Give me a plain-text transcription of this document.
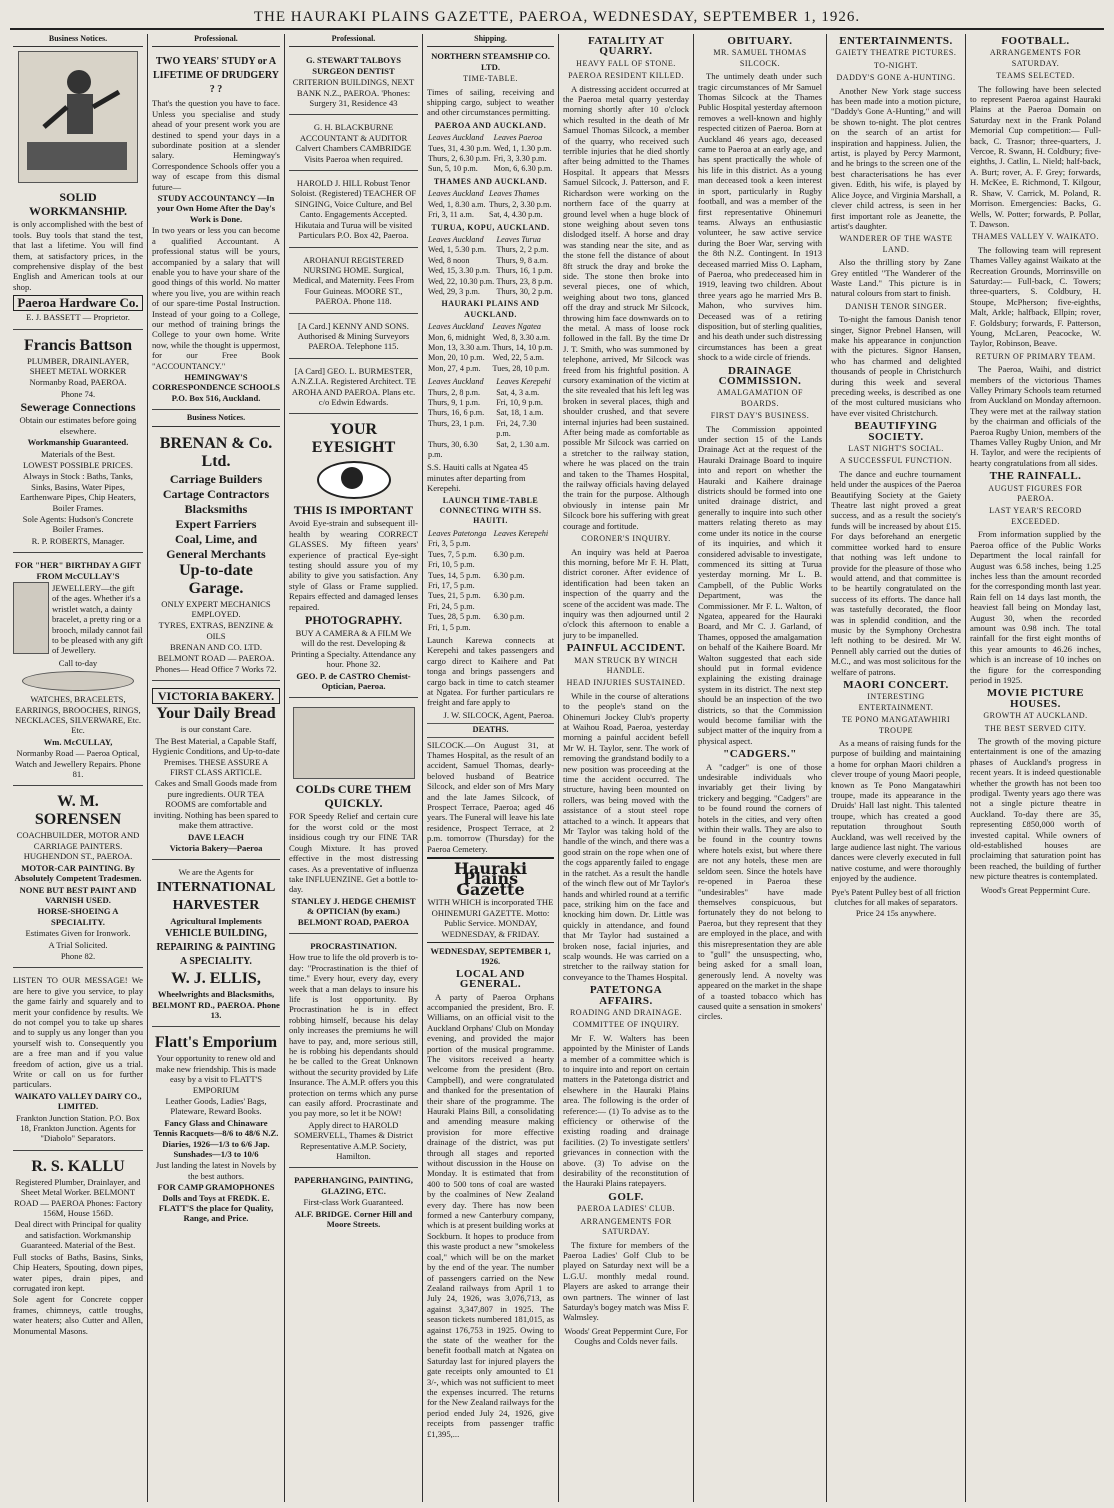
THE HAURAKI PLAINS GAZETTE, PAEROA, WEDNESDAY, SEPTEMBER 1, 1926.
Business Notices.

SOLID WORKMANSHIP.

is only accomplished with the best of tools. Buy tools that stand the test, that last a lifetime. You will find them, at satisfactory prices, in the comprehensive display of the best English and American tools at our shop.

Paeroa Hardware Co.

E. J. BASSETT — Proprietor.

Francis Battson

PLUMBER, DRAINLAYER, SHEET METAL WORKER

Normanby Road, PAEROA.

Phone 74.

Sewerage Connections

Obtain our estimates before going elsewhere.

Workmanship Guaranteed.

Materials of the Best.

LOWEST POSSIBLE PRICES.

Always in Stock : Baths, Tanks, Sinks, Basins, Water Pipes, Earthenware Pipes, Chip Heaters, Boiler Frames.

Sole Agents: Hudson's Concrete Boiler Frames.

R. P. ROBERTS, Manager.

FOR "HER" BIRTHDAY A GIFT FROM McCULLAY'S

JEWELLERY—the gift of the ages. Whether it's a wristlet watch, a dainty bracelet, a pretty ring or a brooch, milady cannot fail to be pleased with any gift of Jewellery.

Call to-day

WATCHES, BRACELETS, EARRINGS, BROOCHES, RINGS, NECKLACES, SILVERWARE, Etc. Etc.

Wm. McCULLAY,

Normanby Road — Paeroa Optical, Watch and Jewellery Repairs. Phone 81.

W. M. SORENSEN

COACHBUILDER, MOTOR AND CARRIAGE PAINTERS. HUGHENDON ST., PAEROA.

MOTOR-CAR PAINTING. By Absolutely Competent Tradesmen.

NONE BUT BEST PAINT AND VARNISH USED.

HORSE-SHOEING A SPECIALITY.

Estimates Given for Ironwork.

A Trial Solicited.

Phone 82.

LISTEN TO OUR MESSAGE! We are here to give you service, to play the game fairly and squarely and to merit your confidence by results. We do not compel you to take up shares and to supply us any longer than you yourself wish to. Consequently you are a free man and if you value freedom of action, give us a trial. Write or call on us for further particulars.

WAIKATO VALLEY DAIRY CO., LIMITED.

Frankton Junction Station. P.O. Box 18, Frankton Junction. Agents for "Diabolo" Separators.

R. S. KALLU

Registered Plumber, Drainlayer, and Sheet Metal Worker. BELMONT ROAD — PAEROA Phones: Factory 156M, House 156D.

Deal direct with Principal for quality and satisfaction. Workmanship Guaranteed. Material of the Best.

Full stocks of Baths, Basins, Sinks, Chip Heaters, Spouting, down pipes, water pipes, drain pipes, and corrugated iron kept.

Sole agent for Concrete copper frames, chimneys, cattle troughs, water heaters; also Cutter and Allen, Monumental Masons.

Professional.

TWO YEARS' STUDY or A LIFETIME OF DRUDGERY ? ?

That's the question you have to face. Unless you specialise and study ahead of your present work you are destined to spend your days in a subordinate position at a slender salary. Hemingway's Correspondence Schools offer you a way of escape from this dismal future—

STUDY ACCOUNTANCY —In your Own Home After the Day's Work is Done.

In two years or less you can become a qualified Accountant. A professional status will be yours, accompanied by a salary that will enable you to have your share of the good things of this world. No matter where you live, you are within reach of our spare-time Postal Instruction. Instead of your going to a College, our method of training brings the College to your own home. Write now, while the thought is uppermost, for our Free Book "ACCOUNTANCY."

HEMINGWAY'S CORRESPONDENCE SCHOOLS P.O. Box 516, Auckland.

Business Notices.

BRENAN & Co. Ltd.

Carriage Builders

Cartage Contractors

Blacksmiths

Expert Farriers

Coal, Lime, and

General Merchants

Up-to-date Garage.

ONLY EXPERT MECHANICS EMPLOYED.

TYRES, EXTRAS, BENZINE & OILS

BRENAN AND CO. LTD. BELMONT ROAD — PAEROA.

Phones— Head Office 7 Works 72.

VICTORIA BAKERY.

Your Daily Bread

is our constant Care.

The Best Material, a Capable Staff, Hygienic Conditions, and Up-to-date Premises. THESE ASSURE A FIRST CLASS ARTICLE.

Cakes and Small Goods made from pure ingredients. OUR TEA ROOMS are comfortable and inviting. Nothing has been spared to make them attractive.

DAVE LEACH

Victoria Bakery—Paeroa

We are the Agents for

INTERNATIONAL HARVESTER

Agricultural Implements

VEHICLE BUILDING, REPAIRING & PAINTING A SPECIALITY.

W. J. ELLIS,

Wheelwrights and Blacksmiths, BELMONT RD., PAEROA. Phone 13.

Flatt's Emporium

Your opportunity to renew old and make new friendship. This is made easy by a visit to FLATT'S EMPORIUM

Leather Goods, Ladies' Bags, Plateware, Reward Books.

Fancy Glass and Chinaware Tennis Racquets—8/6 to 48/6 N.Z. Diaries, 1926—1/3 to 6/6 Jap. Sunshades—1/3 to 10/6

Just landing the latest in Novels by the best authors.

FOR CAMP GRAMOPHONES Dolls and Toys at FREDK. E. FLATT'S the place for Quality, Range, and Price.

Professional.

G. STEWART TALBOYS SURGEON DENTIST

CRITERION BUILDINGS, NEXT BANK N.Z., PAEROA. 'Phones: Surgery 31, Residence 43

G. H. BLACKBURNE ACCOUNTANT & AUDITOR Calvert Chambers CAMBRIDGE Visits Paeroa when required.

HAROLD J. HILL Robust Tenor Soloist. (Registered) TEACHER OF SINGING, Voice Culture, and Bel Canto. Engagements Accepted. Hikutaia and Turua will be visited Particulars P.O. Box 42, Paeroa.

AROHANUI REGISTERED NURSING HOME. Surgical, Medical, and Maternity. Fees From Four Guineas. MOORE ST., PAEROA. Phone 118.

[A Card.] KENNY AND SONS. Authorised & Mining Surveyors PAEROA. Telephone 115.

[A Card] GEO. L. BURMESTER, A.N.Z.I.A. Registered Architect. TE AROHA AND PAEROA. Plans etc. c/o Edwin Edwards.

YOUR EYESIGHT

THIS IS IMPORTANT

Avoid Eye-strain and subsequent ill-health by wearing CORRECT GLASSES. My fifteen years' experience of practical Eye-sight testing should assure you of my ability to give you satisfaction. Any style of Glass or Frame supplied. Repairs effected and damaged lenses repaired.

PHOTOGRAPHY.

BUY A CAMERA & A FILM We will do the rest. Developing & Printing a Specialty. Attendance any hour. Phone 32.

GEO. P. de CASTRO Chemist-Optician, Paeroa.

COLDs CURE THEM QUICKLY.

FOR Speedy Relief and certain cure for the worst cold or the most insidious cough try our FINE TAR Cough Mixture. It has proved effective in the most distressing cases. As a preventative of influenza take INFLUENZINE. Get a bottle to-day.

STANLEY J. HEDGE CHEMIST & OPTICIAN (by exam.) BELMONT ROAD, PAEROA

PROCRASTINATION.

How true to life the old proverb is to-day: "Procrastination is the thief of time." Every hour, every day, every week that a man delays to insure his life is lost opportunity. By Procrastination he is in effect robbing himself, because his delay only increases the premiums he will have to pay, and, more serious still, he is robbing his dependants should he be called to the Great Unknown without the security provided by Life Insurance. The A.M.P. offers you this protection on terms which any purse can easily afford. Procrastinate and you pay more, so let it be NOW!

Apply direct to HAROLD SOMERVELL, Thames & District Representative A.M.P. Society, Hamilton.

PAPERHANGING, PAINTING, GLAZING, ETC.

First-class Work Guaranteed.

ALF. BRIDGE. Corner Hill and Moore Streets.

Shipping.

NORTHERN STEAMSHIP CO. LTD.

TIME-TABLE.

Times of sailing, receiving and shipping cargo, subject to weather and other circumstances permitting.

PAEROA AND AUCKLAND.

Leaves Auckland	Leaves Paeroa
Tues, 31, 4.30 p.m.	Wed, 1, 1.30 p.m.
Thurs, 2, 6.30 p.m.	Fri, 3, 3.30 p.m.
Sun, 5, 10 p.m.	Mon, 6, 6.30 p.m.

THAMES AND AUCKLAND.

Leaves Auckland	Leaves Thames
Wed, 1, 8.30 a.m.	Thurs, 2, 3.30 p.m.
Fri, 3, 11 a.m.	Sat, 4, 4.30 p.m.

TURUA, KOPU, AUCKLAND.

Leaves Auckland	Leaves Turua
Wed, 1, 5.30 p.m.	Thurs, 2, 2 p.m.
Wed, 8 noon	Thurs, 9, 8 a.m.
Wed, 15, 3.30 p.m.	Thurs, 16, 1 p.m.
Wed, 22, 10.30 p.m.	Thurs, 23, 8 p.m.
Wed, 29, 3 p.m.	Thurs, 30, 2 p.m.

HAURAKI PLAINS AND AUCKLAND.

Leaves Auckland	Leaves Ngatea
Mon, 6, midnight	Wed, 8, 3.30 a.m.
Mon, 13, 3.30 a.m.	Thurs, 14, 10 p.m.
Mon, 20, 10 p.m.	Wed, 22, 5 a.m.
Mon, 27, 4 p.m.	Tues, 28, 10 p.m.
Leaves Auckland	Leaves Kerepehi
Thurs, 2, 8 p.m.	Sat, 4, 3 a.m.
Thurs, 9, 1 p.m.	Fri, 10, 9 p.m.
Thurs, 16, 6 p.m.	Sat, 18, 1 a.m.
Thurs, 23, 1 p.m.	Fri, 24, 7.30 p.m.
Thurs, 30, 6.30 p.m.	Sat, 2, 1.30 a.m.

S.S. Hauiti calls at Ngatea 45 minutes after departing from Kerepehi.

LAUNCH TIME-TABLE CONNECTING WITH SS. HAUITI.

Leaves Patetonga	Leaves Kerepehi
Fri, 3, 5 p.m.	
Tues, 7, 5 p.m.	6.30 p.m.
Fri, 10, 5 p.m.	
Tues, 14, 5 p.m.	6.30 p.m.
Fri, 17, 5 p.m.	
Tues, 21, 5 p.m.	6.30 p.m.
Fri, 24, 5 p.m.	
Tues, 28, 5 p.m.	6.30 p.m.
Fri, 1, 5 p.m.	

Launch Karewa connects at Kerepehi and takes passengers and cargo direct to Kaihere and Pat tonga and brings passengers and cargo back in time to catch steamer at Ngatea. For further particulars re freight and fare apply to

J. W. SILCOCK, Agent, Paeroa.

DEATHS.

SILCOCK.—On August 31, at Thames Hospital, as the result of an accident, Samuel Thomas, dearly-beloved husband of Beatrice Silcock, and elder son of Mrs Mary and the late James Silcock, of Prospect Terrace, Paeroa; aged 46 years. The Funeral will leave his late residence, Prospect Terrace, at 2 p.m. tomorrow (Thursday) for the Paeroa Cemetery.

Hauraki Plains Gazette

WITH WHICH is incorporated THE OHINEMURI GAZETTE. Motto: Public Service. MONDAY, WEDNESDAY, & FRIDAY.

WEDNESDAY, SEPTEMBER 1, 1926.

LOCAL AND GENERAL.

A party of Paeroa Orphans accompanied the president, Bro. F. Williams, on an official visit to the Auckland Orphans' Club on Monday evening, and provided the major portion of the musical programme. The visitors received a hearty welcome from the president (Bro. Campbell), and were congratulated and thanked for the presentation of their share of the programme. The Hauraki Plains Bill, a consolidating and amending measure making provision for more effective drainage of the district, was put through all stages and reported without discussion in the House on Monday. It is estimated that from 400 to 500 tons of coal are wasted by the coalmines of New Zealand every day. There has now been formed a new Canterbury company, which is at present building works at Sockburn. It hopes to produce from this waste product a new "smokeless coal," which will be on the market by the end of the year. The number of passengers carried on the New Zealand railways from April 1 to July 24, 1926, was 3,076,713, as against 3,347,807 in 1925. The season tickets numbered 181,015, as against 176,753 in 1925. Owing to the state of the weather for the benefit football match at Ngatea on Saturday last for injured players the gate receipts only amounted to £1 3/-, which was not sufficient to meet the expenses incurred. The returns for the New Zealand railways for the period ended July 24, 1926, give receipts from passenger traffic £1,395,...

FATALITY AT QUARRY.

HEAVY FALL OF STONE.

PAEROA RESIDENT KILLED.

A distressing accident occurred at the Paeroa metal quarry yesterday morning shortly after 10 o'clock which resulted in the death of Mr Samuel Thomas Silcock, a member of the quarry, who received such terrible injuries that he died shortly after being admitted to the Thames Hospital. It appears that Messrs Samuel Silcock, J. Patterson, and F. Richardson were working on the northern face of the quarry at ground level when a huge block of stone weighing about seven tons dislodged itself. A horse and dray was standing near the site, and as the stone fell the distance of about 8ft struck the dray and broke the side. The stone then broke into several pieces, one of which, weighing about two tons, glanced off the dray and struck Mr Silcock, throwing him face downwards on to the metal. A mass of loose rock followed in the fall. By the time Dr J. T. Smith, who was summoned by telephone, arrived, Mr Silcock was freed from his frightful position. A cursory examination of the victim at the site revealed that his left leg was broken in several places, thigh and shoulder crushed, and that severe internal injuries had been sustained. After being made as comfortable as possible Mr Silcock was carried on a stretcher to the railway station, where he was placed on the train and taken to the Thames Hospital, the railway officials having delayed the train for the purpose. Although obviously in intense pain Mr Silcock bore his suffering with great courage and fortitude.

CORONER'S INQUIRY.

An inquiry was held at Paeroa this morning, before Mr F. H. Platt, district coroner. After evidence of identification had been taken an inspection of the quarry and the scene of the accident was made. The inquiry was then adjourned until 2 o'clock this afternoon to enable a jury to be impanelled.

PAINFUL ACCIDENT.

MAN STRUCK BY WINCH HANDLE.

HEAD INJURIES SUSTAINED.

While in the course of alterations to the people's stand on the Ohinemuri Jockey Club's property at Waihou Road, Paeroa, yesterday morning a painful accident befell Mr W. H. Taylor, senr. The work of removing the grandstand bodily to a new position was proceeding at the time the accident occurred. The structure, having been mounted on rollers, was being moved with the assistance of a stout steel rope attached to a winch. It appears that Mr Taylor was taking hold of the handle of the winch, and there was a good strain on the rope when one of the cogs apparently failed to engage in the ratchet. As a result the handle of the winch flew out of Mr Taylor's hands and whirled round at a terrific pace, striking him on the face and knocking him down. Dr. Little was quickly in attendance, and found that Mr Taylor had sustained a broken nose, facial injuries, and scalp wounds. He was carried on a stretcher to the railway station for conveyance to the Thames Hospital.

PATETONGA AFFAIRS.

ROADING AND DRAINAGE.

COMMITTEE OF INQUIRY.

Mr F. W. Walters has been appointed by the Minister of Lands a member of a committee which is to inquire into and report on certain matters in the Patetonga district and elsewhere in the Hauraki Plains area. The following is the order of reference:— (1) To advise as to the efficiency or otherwise of the existing roading and drainage facilities. (2) To investigate settlers' grievances in connection with the above. (3) To advise on the desirability of the reconstitution of the Hauraki Plains ratepayers.

GOLF.

PAEROA LADIES' CLUB.

ARRANGEMENTS FOR SATURDAY.

The fixture for members of the Paeroa Ladies' Golf Club to be played on Saturday next will be a L.G.U. monthly medal round. Players are asked to arrange their own partners. The winner of last Saturday's bogey match was Miss F. Walmsley.

Woods' Great Peppermint Cure, For Coughs and Colds never fails.

OBITUARY.

MR. SAMUEL THOMAS SILCOCK.

The untimely death under such tragic circumstances of Mr Samuel Thomas Silcock at the Thames Public Hospital yesterday afternoon removes a well-known and highly respected citizen of Paeroa. Born at Auckland 46 years ago, deceased came to Paeroa at an early age, and has spent practically the whole of his life in this district. As a young man deceased took a keen interest in sport, particularly in Rugby football, and was a member of the first representative Ohinemuri teams. Always an enthusiastic volunteer, he saw active service during the Boer War, serving with the 8th N.Z. Contingent. In 1913 deceased married Miss O. Lapham, of Paeroa, who predeceased him in 1919, leaving two children. About three years ago he married Mrs B. Mahon, who survives him. Deceased was of a retiring disposition, but of sterling qualities, and his death under such distressing circumstances has been a great shock to a wide circle of friends.

DRAINAGE COMMISSION.

AMALGAMATION OF BOARDS.

FIRST DAY'S BUSINESS.

The Commission appointed under section 15 of the Lands Drainage Act at the request of the Hauraki Drainage Board to inquire into and report on whether the Hauraki and Kaihere drainage districts should be formed into one united drainage district, and generally to inquire into such other matters relating thereto as may come under its notice in the course of its inquiries, and which it considered advisable to investigate, commenced its sitting at Turua yesterday morning. Mr L. B. Campbell, of the Public Works Department, was the Commissioner. Mr F. L. Walton, of Ngatea, appeared for the Hauraki Board, and Mr C. J. Garland, of Thames, opposed the amalgamation on behalf of the Kaihere Board. Mr Walton suggested that each side should put in formal evidence explaining the existing drainage system in its district. The next step should be an inspection of the two districts, so that the Commission would become familiar with the subject matter of the inquiry from a physical aspect.

"CADGERS."

A "cadger" is one of those undesirable individuals who invariably get their living by trickery and begging. "Cadgers" are to be found round the corners of hotels in the cities, and very often within their walls. They are also to be found in the country towns where hotels exist, but where there are not any hotels, these men are seldom seen. Since the hotels have re-opened in Paeroa these "undesirables" have made themselves conspicuous, but fortunately they do not belong to Paeroa, but they represent that they are employed in the place, and with this misrepresentation they are able to "gull" the unsuspecting, who, being asked for a small loan, generously lend. A novelty was appeared on the market in the shape of a toasted tobacco which has caused quite a sensation in smokers' circles.

ENTERTAINMENTS.

GAIETY THEATRE PICTURES.

TO-NIGHT.

DADDY'S GONE A-HUNTING.

Another New York stage success has been made into a motion picture, "Daddy's Gone A-Hunting," and will be shown to-night. The plot centres on the search of an artist for inspiration and happiness. Julien, the artist, is played by Percy Marmont, and he brings to the screen one of the best characterisations he has ever given. Edith, his wife, is played by Alice Joyce, and Virginia Marshall, a clever child actress, is seen in her first important role as Jeanette, the artist's daughter.

WANDERER OF THE WASTE LAND.

Also the thrilling story by Zane Grey entitled "The Wanderer of the Waste Land." This picture is in natural colours from start to finish.

DANISH TENOR SINGER.

To-night the famous Danish tenor singer, Signor Prebnel Hansen, will make his appearance in conjunction with the pictures. Signor Hansen, who has charmed and delighted thousands of people in Christchurch during this week and several preceding weeks, is described as one of the most cultured musicians who have ever visited Christchurch.

BEAUTIFYING SOCIETY.

LAST NIGHT'S SOCIAL.

A SUCCESSFUL FUNCTION.

The dance and euchre tournament held under the auspices of the Paeroa Beautifying Society at the Gaiety Theatre last night proved a great success, and as a result the society's funds will be increased by about £15. For days beforehand an energetic committee worked hard to ensure that nothing was left undone to provide for the pleasure of those who would attend, and that committee is to be heartily congratulated on the success of its efforts. The dance hall was tastefully decorated, the floor was in splendid condition, and the music by the Symphony Orchestra left nothing to be desired. Mr W. Pennell ably carried out the duties of M.C., and was most solicitous for the welfare of patrons.

MAORI CONCERT.

INTERESTING ENTERTAINMENT.

TE PONO MANGATAWHIRI TROUPE

As a means of raising funds for the purpose of building and maintaining a home for orphan Maori children a clever troupe of young Maori people, known as Te Pono Mangatawhiri troupe, made its appearance in the Druids' Hall last night. This talented troupe, which has created a good reputation throughout South Auckland, was well received by the large audience last night. The various dances were cleverly executed in full native costume, and were thoroughly enjoyed by the audience.

Pye's Patent Pulley best of all friction clutches for all makes of separators. Price 24 15s anywhere.

FOOTBALL.

ARRANGEMENTS FOR SATURDAY.

TEAMS SELECTED.

The following have been selected to represent Paeroa against Hauraki Plains at the Paeroa Domain on Saturday next in the Frank Poland Memorial Cup competition:— Full-back, C. Trasnor; three-quarters, J. Vercoe, R. Swann, H. Coldbury; five-eighths, J. Catlin, L. Nield; half-back, A. Burt; rover, A. F. Grey; forwards, H. McKee, E. Richmond, T. Kilgour, R. Shaw, V. Carrick, M. Poland, R. Morrison. Emergencies: Backs, G. Wells, W. Potter; forwards, P. Pollar, T. Dawson.

THAMES VALLEY V. WAIKATO.

The following team will represent Thames Valley against Waikato at the Recreation Grounds, Morrinsville on Saturday:— Full-back, C. Towers; three-quarters, S. Coldbury, H. Stoupe, McPherson; five-eighths, Malt, Arkle; halfback, Ellpin; rover, F. Goldsbury; forwards, F. Patterson, Young, McLaren, Peacocke, W. Taylor, Robinson, Beave.

RETURN OF PRIMARY TEAM.

The Paeroa, Waihi, and district members of the victorious Thames Valley Primary Schools team returned from Auckland on Monday afternoon. They were met at the railway station by the chairman and officials of the Paeroa Rugby Union, members of the Thames Valley Rugby Union, and Mr H. Taylor, and were the recipients of hearty congratulations from all sides.

THE RAINFALL.

AUGUST FIGURES FOR PAEROA.

LAST YEAR'S RECORD EXCEEDED.

From information supplied by the Paeroa office of the Public Works Department the local rainfall for August was 6.58 inches, being 1.25 inches less than the amount recorded for the corresponding month last year. Rain fell on 14 days last month, the heaviest fall being on Monday last, August 30, when the recorded amount was 0.98 inch. The total rainfall for the first eight months of this year amounts to 46.26 inches, which is an increase of 10 inches on the figure for the corresponding period in 1925.

MOVIE PICTURE HOUSES.

GROWTH AT AUCKLAND.

THE BEST SERVED CITY.

The growth of the moving picture entertainment is one of the amazing phases of Auckland's progress in recent years. It is indeed questionable whether the growth has not been too prodigal. Twenty years ago there was not a single picture theatre in Auckland. To-day there are 35, representing £850,000 worth of invested capital. While owners of old-established houses are proclaiming that saturation point has been reached, the building of further new picture theatres is contemplated.

Wood's Great Peppermint Cure.
